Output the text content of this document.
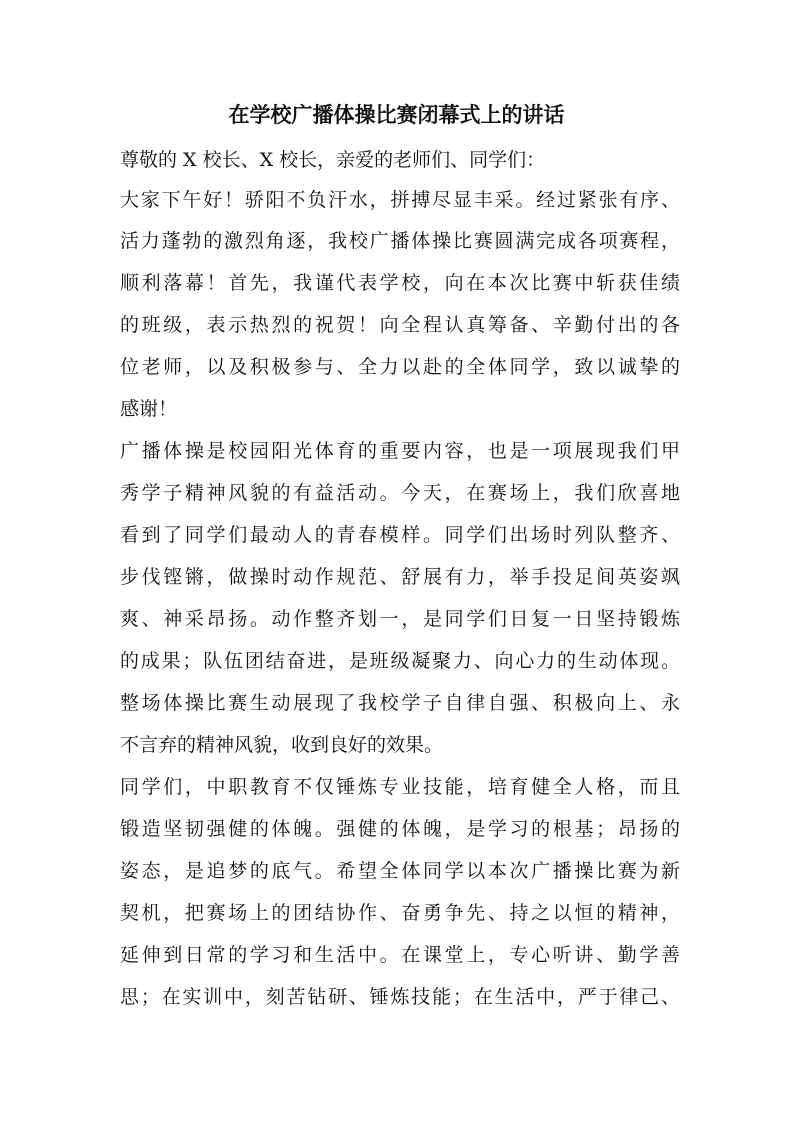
在学校广播体操比赛闭幕式上的讲话

尊敬的 X 校长、X 校长，亲爱的老师们、同学们：

大家下午好！骄阳不负汗水，拼搏尽显丰采。经过紧张有序、

活力蓬勃的激烈角逐，我校广播体操比赛圆满完成各项赛程，

顺利落幕！首先，我谨代表学校，向在本次比赛中斩获佳绩

的班级，表示热烈的祝贺！向全程认真筹备、辛勤付出的各

位老师，以及积极参与、全力以赴的全体同学，致以诚挚的

感谢！

广播体操是校园阳光体育的重要内容，也是一项展现我们甲

秀学子精神风貌的有益活动。今天，在赛场上，我们欣喜地

看到了同学们最动人的青春模样。同学们出场时列队整齐、

步伐铿锵，做操时动作规范、舒展有力，举手投足间英姿飒

爽、神采昂扬。动作整齐划一，是同学们日复一日坚持锻炼

的成果；队伍团结奋进，是班级凝聚力、向心力的生动体现。

整场体操比赛生动展现了我校学子自律自强、积极向上、永

不言弃的精神风貌，收到良好的效果。

同学们，中职教育不仅锤炼专业技能，培育健全人格，而且

锻造坚韧强健的体魄。强健的体魄，是学习的根基；昂扬的

姿态，是追梦的底气。希望全体同学以本次广播操比赛为新

契机，把赛场上的团结协作、奋勇争先、持之以恒的精神，

延伸到日常的学习和生活中。在课堂上，专心听讲、勤学善

思；在实训中，刻苦钻研、锤炼技能；在生活中，严于律己、
